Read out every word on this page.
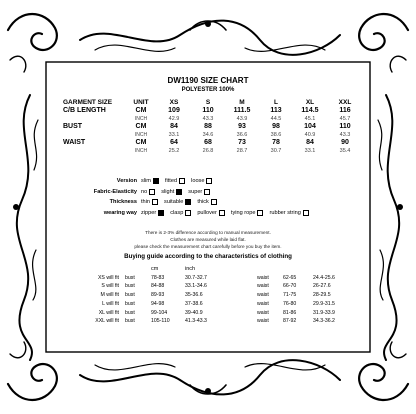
DW1190 SIZE CHART
POLYESTER 100%
GARMENT SIZE	UNIT	XS	S	M	L	XL	XXL
C/B LENGTH	CM	109	110	111.5	113	114.5	116
	INCH	42.9	43.3	43.9	44.5	45.1	45.7
BUST	CM	84	88	93	98	104	110
	INCH	33.1	34.6	36.6	38.6	40.9	43.3
WAIST	CM	64	68	73	78	84	90
	INCH	25.2	26.8	28.7	30.7	33.1	35.4
Version slim	fitted	loose
Fabric-Elasticity no	slight	super
Thickness thin	suitable	thick
wearing way zipper	clasp	pullover	tying rope	rubber string
There is 2-3% difference according to manual measurement.
Clothes are measured while laid flat.
please check the measurement chart carefully before you buy the item.
Buying guide according to the characteristics of clothing
		cm	inch			
XS will fit	bust	78-83	30.7-32.7	waist	62-65	24.4-25.6
S will fit	bust	84-88	33.1-34.6	waist	66-70	26-27.6
M will fit	bust	89-93	35-36.6	waist	71-75	28-29.5
L will fit	bust	94-98	37-38.6	waist	76-80	29.9-31.5
XL will fit	bust	99-104	39-40.9	waist	81-86	31.9-33.9
XXL will fit	bust	105-110	41.3-43.3	waist	87-92	34.3-36.2
